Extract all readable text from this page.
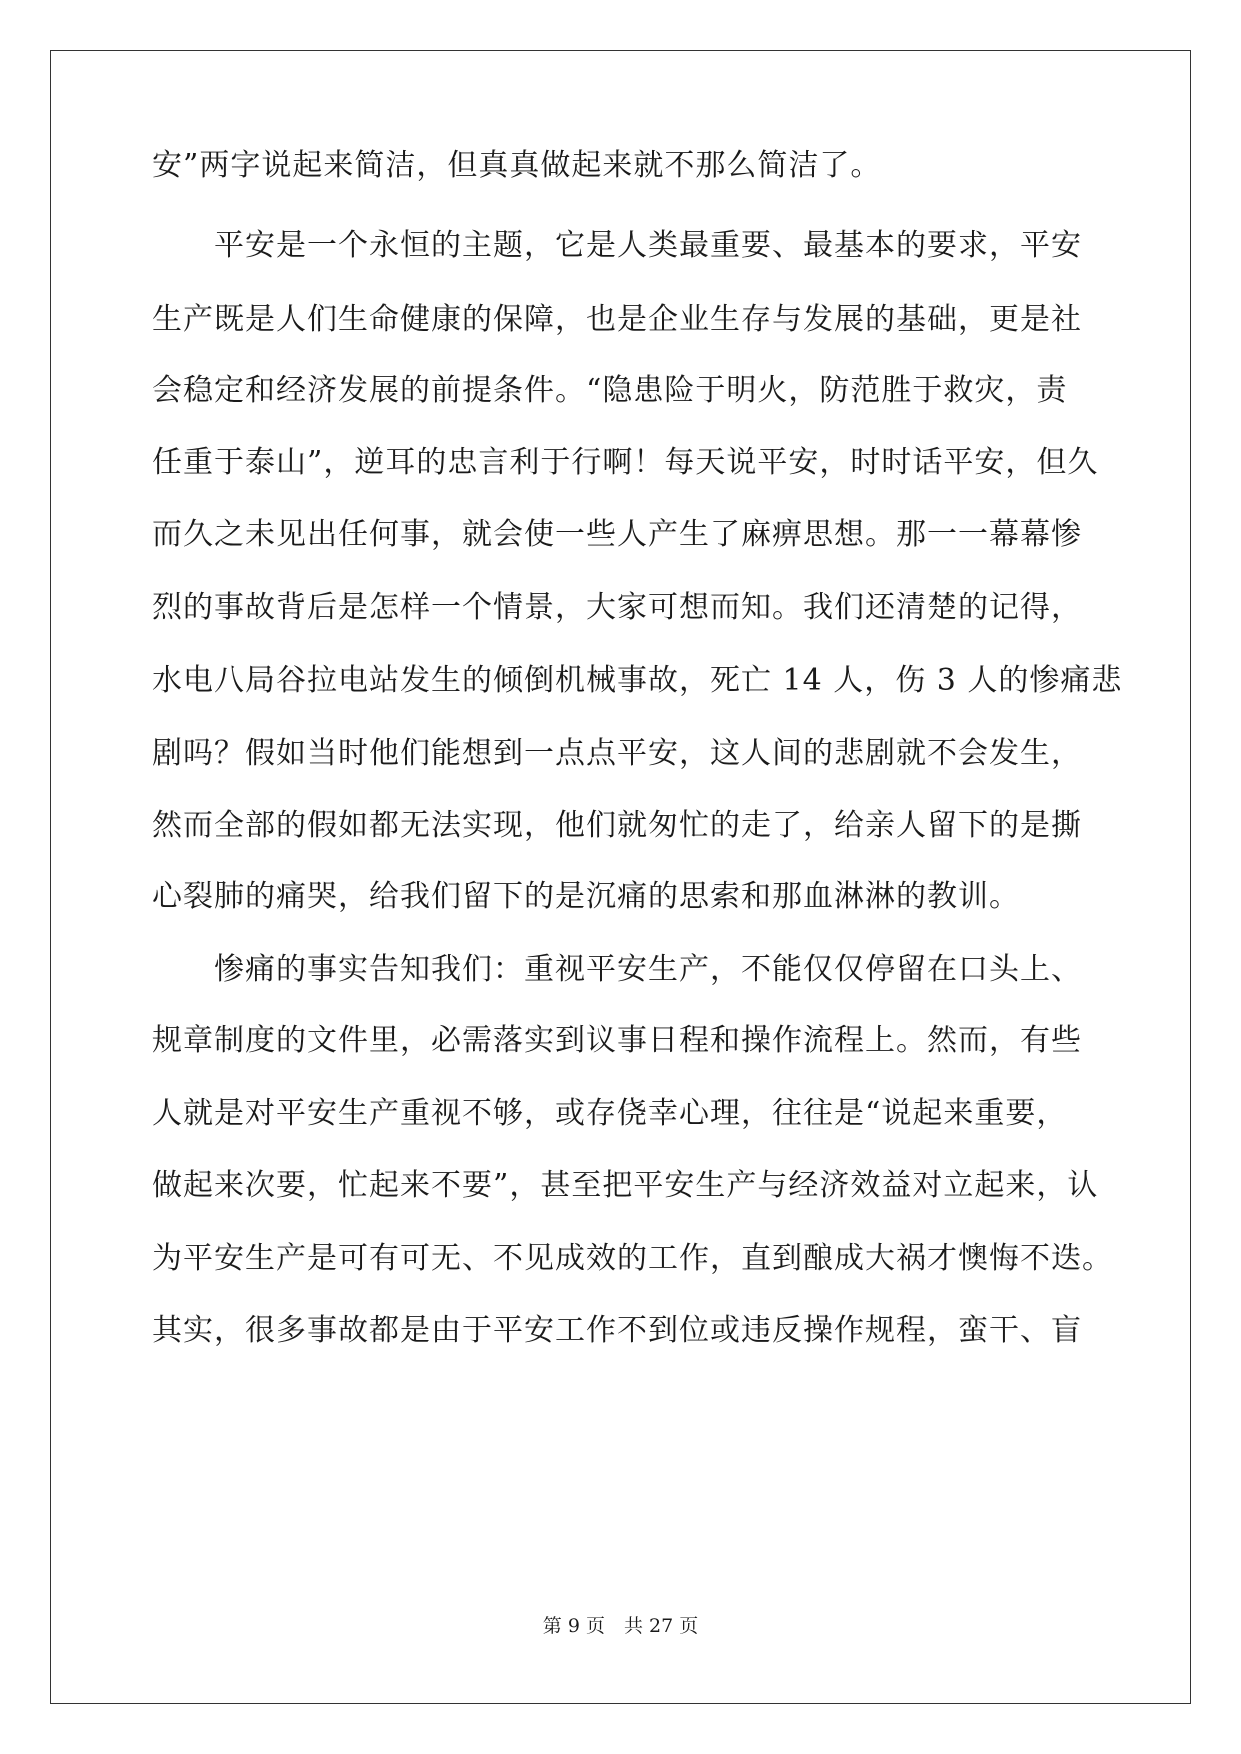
安”两字说起来简洁，但真真做起来就不那么简洁了。
　　平安是一个永恒的主题，它是人类最重要、最基本的要求，平安
生产既是人们生命健康的保障，也是企业生存与发展的基础，更是社
会稳定和经济发展的前提条件。“隐患险于明火，防范胜于救灾，责
任重于泰山”，逆耳的忠言利于行啊！每天说平安，时时话平安，但久
而久之未见出任何事，就会使一些人产生了麻痹思想。那一一幕幕惨
烈的事故背后是怎样一个情景，大家可想而知。我们还清楚的记得，
水电八局谷拉电站发生的倾倒机械事故，死亡 14 人，伤 3 人的惨痛悲
剧吗？假如当时他们能想到一点点平安，这人间的悲剧就不会发生，
然而全部的假如都无法实现，他们就匆忙的走了，给亲人留下的是撕
心裂肺的痛哭，给我们留下的是沉痛的思索和那血淋淋的教训。
　　惨痛的事实告知我们：重视平安生产，不能仅仅停留在口头上、
规章制度的文件里，必需落实到议事日程和操作流程上。然而，有些
人就是对平安生产重视不够，或存侥幸心理，往往是“说起来重要，
做起来次要，忙起来不要”，甚至把平安生产与经济效益对立起来，认
为平安生产是可有可无、不见成效的工作，直到酿成大祸才懊悔不迭。
其实，很多事故都是由于平安工作不到位或违反操作规程，蛮干、盲
第 9 页　共 27 页
